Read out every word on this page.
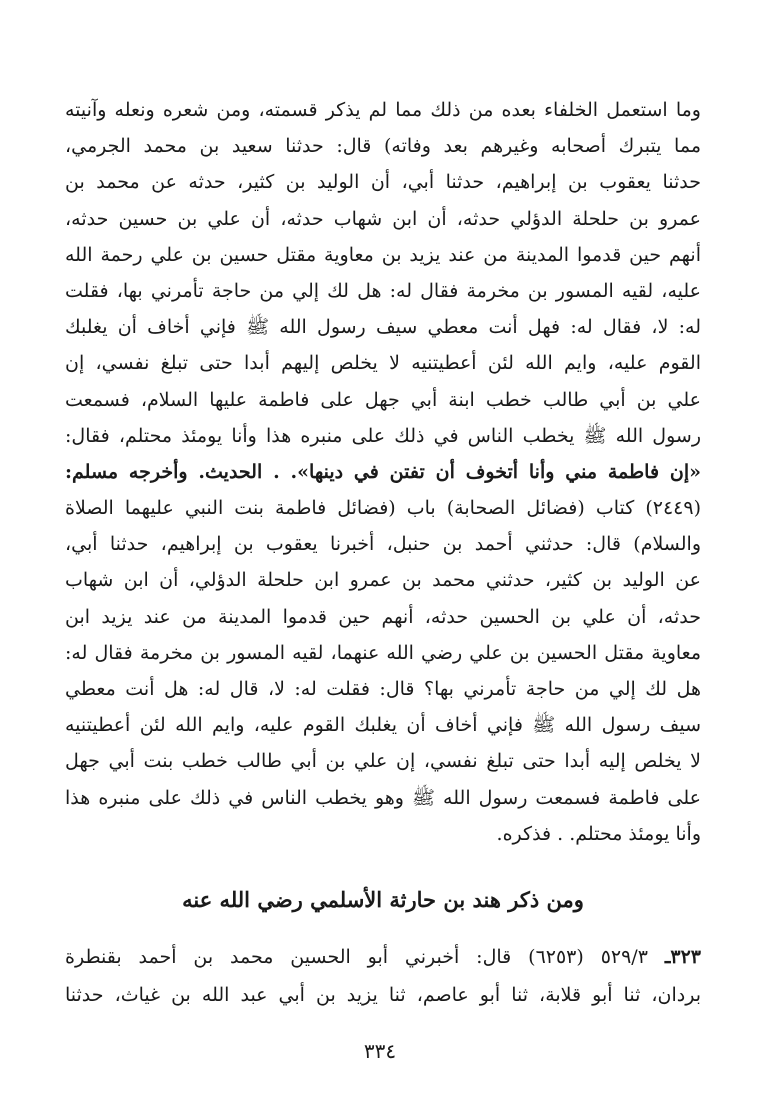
وما استعمل الخلفاء بعده من ذلك مما لم يذكر قسمته، ومن شعره ونعله وآنيته
مما يتبرك أصحابه وغيرهم بعد وفاته) قال: حدثنا سعيد بن محمد الجرمي،
حدثنا يعقوب بن إبراهيم، حدثنا أبي، أن الوليد بن كثير، حدثه عن محمد بن
عمرو بن حلحلة الدؤلي حدثه، أن ابن شهاب حدثه، أن علي بن حسين حدثه،
أنهم حين قدموا المدينة من عند يزيد بن معاوية مقتل حسين بن علي رحمة الله
عليه، لقيه المسور بن مخرمة فقال له: هل لك إلي من حاجة تأمرني بها، فقلت
له: لا، فقال له: فهل أنت معطي سيف رسول الله ﷺ فإني أخاف أن يغلبك
القوم عليه، وايم الله لئن أعطيتنيه لا يخلص إليهم أبدا حتى تبلغ نفسي، إن
علي بن أبي طالب خطب ابنة أبي جهل على فاطمة عليها السلام، فسمعت
رسول الله ﷺ يخطب الناس في ذلك على منبره هذا وأنا يومئذ محتلم، فقال:
«إن فاطمة مني وأنا أتخوف أن تفتن في دينها». . الحديث. وأخرجه مسلم:
(٢٤٤٩) كتاب (فضائل الصحابة) باب (فضائل فاطمة بنت النبي عليهما الصلاة
والسلام) قال: حدثني أحمد بن حنبل، أخبرنا يعقوب بن إبراهيم، حدثنا أبي،
عن الوليد بن كثير، حدثني محمد بن عمرو ابن حلحلة الدؤلي، أن ابن شهاب
حدثه، أن علي بن الحسين حدثه، أنهم حين قدموا المدينة من عند يزيد ابن
معاوية مقتل الحسين بن علي رضي الله عنهما، لقيه المسور بن مخرمة فقال له:
هل لك إلي من حاجة تأمرني بها؟ قال: فقلت له: لا، قال له: هل أنت معطي
سيف رسول الله ﷺ فإني أخاف أن يغلبك القوم عليه، وايم الله لئن أعطيتنيه
لا يخلص إليه أبدا حتى تبلغ نفسي، إن علي بن أبي طالب خطب بنت أبي جهل
على فاطمة فسمعت رسول الله ﷺ وهو يخطب الناس في ذلك على منبره هذا
وأنا يومئذ محتلم. . فذكره.
ومن ذكر هند بن حارثة الأسلمي رضي الله عنه
٣٢٣ـ ٥٢٩/٣ (٦٢٥٣) قال: أخبرني أبو الحسين محمد بن أحمد بقنطرة
بردان، ثنا أبو قلابة، ثنا أبو عاصم، ثنا يزيد بن أبي عبد الله بن غياث، حدثنا
٣٣٤
